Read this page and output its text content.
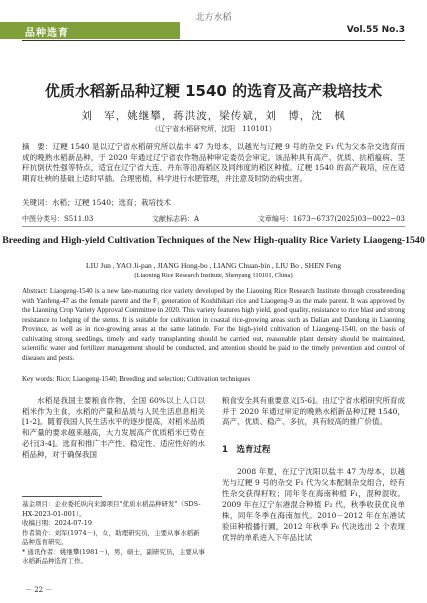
北方水稻
品种选育	Vol.55 No.3
优质水稻新品种辽粳 1540 的选育及高产栽培技术
刘　军，姚继攀，蒋洪波，梁传斌，刘　博，沈　枫
（辽宁省水稻研究所，沈阳　110101）
摘　要：辽粳 1540 是以辽宁省水稻研究所以盐丰 47 为母本，以越光与辽粳 9 号的杂交 F₁ 代为父本杂交选育而成的晚熟水稻新品种，于 2020 年通过辽宁省农作物品种审定委员会审定。该品种具有高产、优质、抗稻瘟病、茎秆抗倒伏性强等特点，适宜在辽宁省大连、丹东等沿海稻区及同纬度的稻区种植。辽粳 1540 的高产栽培，应在适期育壮秧的基础上适时早插、合理密植，科学进行水肥管理，并注意及时防治病虫害。
关键词：水稻；辽粳 1540；选育；栽培技术
中图分类号：S511.03	文献标志码：A	文章编号：1673−6737(2025)03−0022−03
Breeding and High-yield Cultivation Techniques of the New High-quality Rice Variety Liaogeng-1540
LIU Jun , YAO Ji-pan , JIANG Hong-bo , LIANG Chuan-bin , LIU Bo , SHEN Feng
(Liaoning Rice Research Institute, Shenyang 110101, China)
Abstract: Liaogeng-1540 is a new late-maturing rice variety developed by the Liaoning Rice Research Institute through crossbreeding with Yanfeng-47 as the female parent and the F₁ generation of Koshihikari rice and Liaogeng-9 as the male parent. It was approved by the Liaoning Crop Variety Approval Committee in 2020. This variety features high yield, good quality, resistance to rice blast and strong resistance to lodging of the stems. It is suitable for cultivation in coastal rice-growing areas such as Dalian and Dandong in Liaoning Province, as well as in rice-growing areas at the same latitude. For the high-yield cultivation of Liaogeng-1540, on the basis of cultivating strong seedlings, timely and early transplanting should be carried out, reasonable plant density should be maintained, scientific water and fertilizer management should be conducted, and attention should be paid to the timely prevention and control of diseases and pests.
Key words: Rice; Liaogeng-1540; Breeding and selection; Cultivation techniques
水稻是我国主要粮食作物，全国 60%以上人口以稻米作为主食，水稻的产量和品质与人民生活息息相关[1-2]。随着我国人民生活水平的逐步提高，对稻米品质和产量的要求越来越高，大力发展高产优质稻米已势在必行[3-4]。选育和推广丰产性、稳定性、适应性好的水稻品种，对于确保我国
粮食安全具有重要意义[5-6]。由辽宁省水稻研究所育成并于 2020 年通过审定的晚熟水稻新品种辽粳 1540，高产、优质、稳产、多抗，具有较高的推广价值。
1　选育过程
2008 年夏，在辽宁沈阳以盐丰 47 为母本，以越光与辽粳 9 号的杂交 F₁ 代为父本配制杂交组合，经有性杂交获得籽粒；同年冬在海南种植 F₁，混种混收。2009 年在辽宁东港混合种植 F₂ 代，秋季收获优良单株，同年冬季在海南加代。2010－2012 年在东港试验田种植播行圃，2012 年秋季 F₆ 代决选出 2 个表现优异的单系进入下年品比试
基金项目：企业委托纵向来源项目"优质水稻品种研发"（SDS-HX-2023-01-001）。
收稿日期：2024-07-19
作者简介：刘军(1974－)，女，助理研究员，主要从事水稻新品种选育研究。
* 通讯作者：姚继攀(1981－)，男，硕士，副研究员，主要从事水稻新品种选育工作。
－ 22 －
